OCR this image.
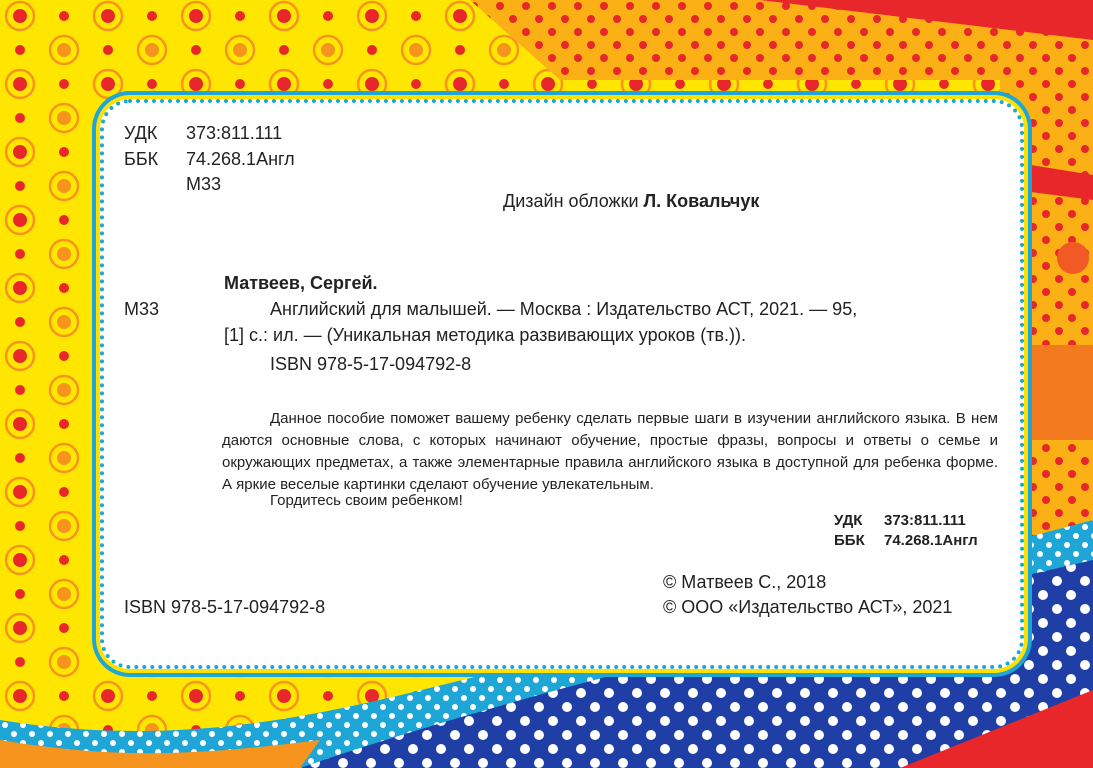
УДК 373:811.111
ББК 74.268.1Англ
М33
Дизайн обложки Л. Ковальчук
Матвеев, Сергей.
М33	Английский для малышей. — Москва : Издательство АСТ, 2021. — 95,
[1] с.: ил. — (Уникальная методика развивающих уроков (тв.)).
ISBN 978-5-17-094792-8
Данное пособие поможет вашему ребенку сделать первые шаги в изучении английского языка. В нем даются основные слова, с которых начинают обучение, простые фразы, вопросы и ответы о семье и окружающих предметах, а также элементарные правила английского языка в доступной для ребенка форме. А яркие веселые картинки сделают обучение увлекательным.
Гордитесь своим ребенком!
УДК 373:811.111
ББК 74.268.1Англ
© Матвеев С., 2018
ISBN 978-5-17-094792-8	© ООО «Издательство АСТ», 2021
